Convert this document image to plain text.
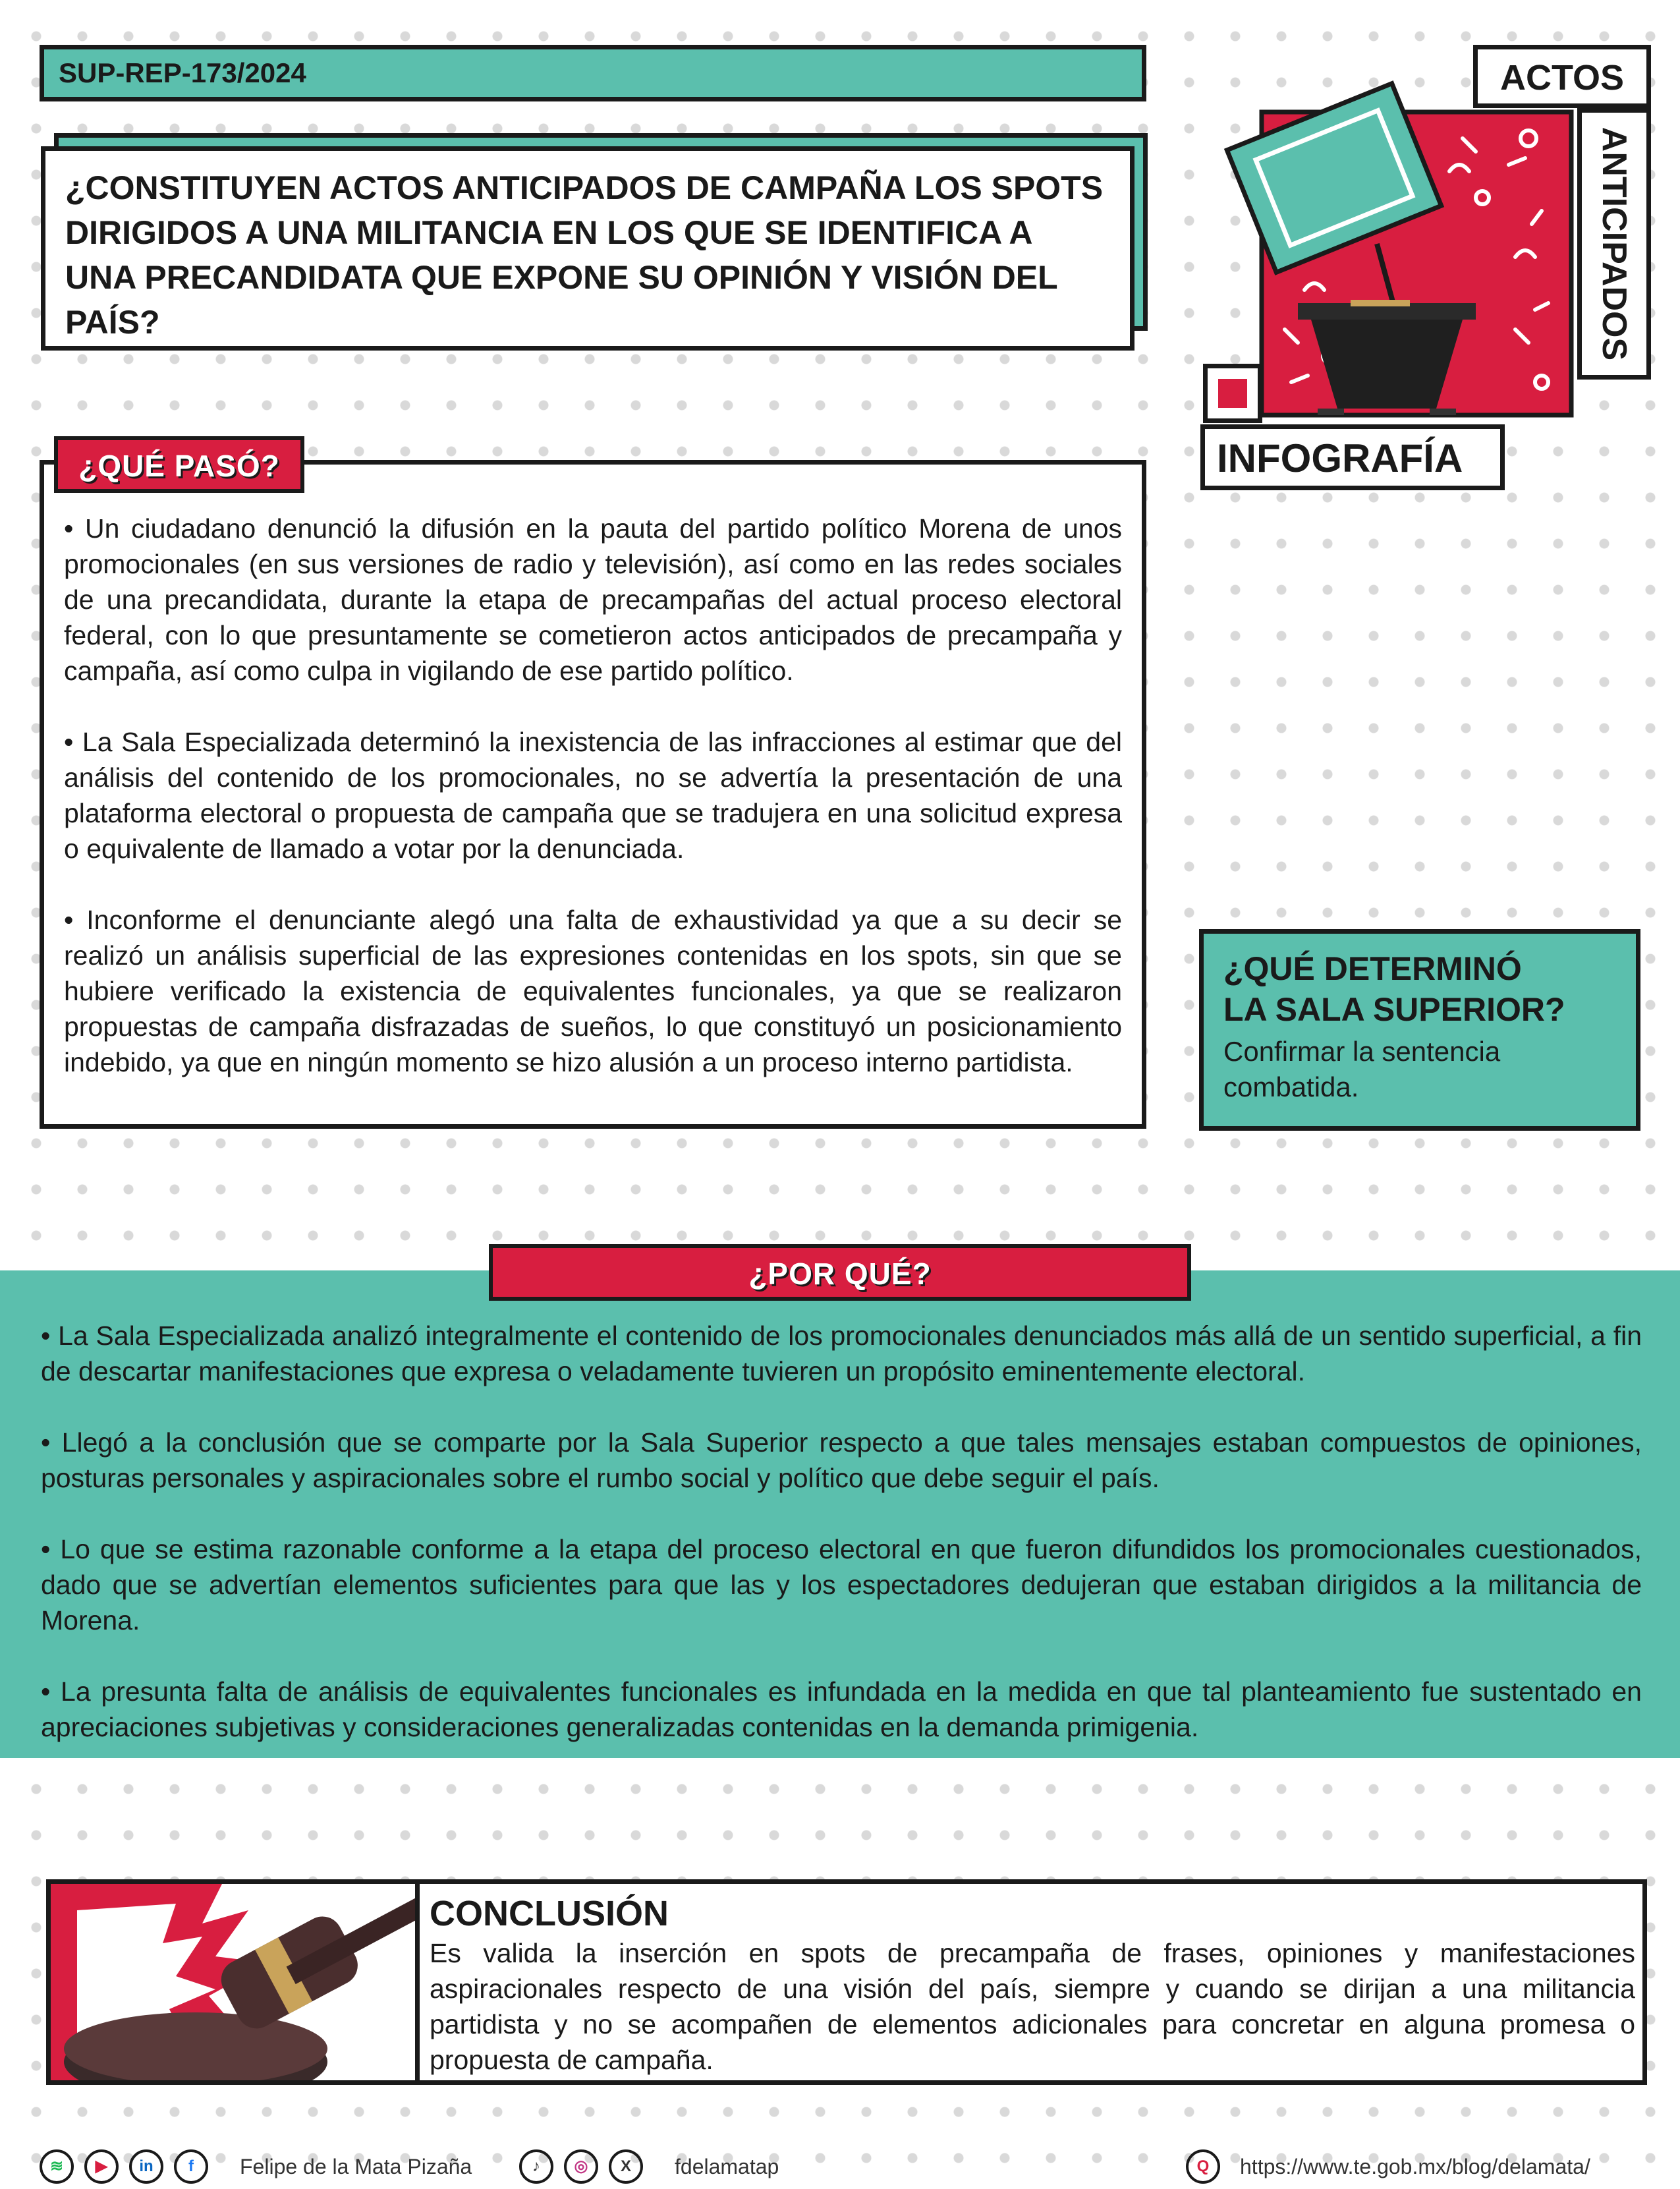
SUP-REP-173/2024
¿CONSTITUYEN ACTOS ANTICIPADOS DE CAMPAÑA LOS SPOTS DIRIGIDOS A UNA MILITANCIA EN LOS QUE SE IDENTIFICA A UNA PRECANDIDATA QUE EXPONE SU OPINIÓN Y VISIÓN DEL PAÍS?
ACTOS
ANTICIPADOS
INFOGRAFÍA

• Un ciudadano denunció la difusión en la pauta del partido político Morena de unos promocionales (en sus versiones de radio y televisión), así como en las redes sociales de una precandidata, durante la etapa de precampañas del actual proceso electoral federal, con lo que presuntamente se cometieron actos anticipados de precampaña y campaña, así como culpa in vigilando de ese partido político.

• La Sala Especializada determinó la inexistencia de las infracciones al estimar que del análisis del contenido de los promocionales, no se advertía la presentación de una plataforma electoral o propuesta de campaña que se tradujera en una solicitud expresa o equivalente de llamado a votar por la denunciada.

• Inconforme el denunciante alegó una falta de exhaustividad ya que a su decir se realizó un análisis superficial de las expresiones contenidas en los spots, sin que se hubiere verificado la existencia de equivalentes funcionales, ya que se realizaron propuestas de campaña disfrazadas de sueños, lo que constituyó un posicionamiento indebido, ya que en ningún momento se hizo alusión a un proceso interno partidista.

¿QUÉ PASÓ?
¿QUÉ DETERMINÓ
LA SALA SUPERIOR?
Confirmar la sentencia combatida.
¿POR QUÉ?

• La Sala Especializada analizó integralmente el contenido de los promocionales denunciados más allá de un sentido superficial, a fin de descartar manifestaciones que expresa o veladamente tuvieren un propósito eminentemente electoral.

• Llegó a la conclusión que se comparte por la Sala Superior respecto a que tales mensajes estaban compuestos de opiniones, posturas personales y aspiracionales sobre el rumbo social y político que debe seguir el país.

• Lo que se estima razonable conforme a la etapa del proceso electoral en que fueron difundidos los promocionales cuestionados, dado que se advertían elementos suficientes para que las y los espectadores dedujeran que estaban dirigidos a la militancia de Morena.

• La presunta falta de análisis de equivalentes funcionales es infundada en la medida en que tal planteamiento fue sustentado en apreciaciones subjetivas y consideraciones generalizadas contenidas en la demanda primigenia.

CONCLUSIÓN
Es valida la inserción en spots de precampaña de frases, opiniones y manifestaciones aspiracionales respecto de una visión del país, siempre y cuando se dirijan a una militancia partidista y no se acompañen de elementos adicionales para concretar en alguna promesa o propuesta de campaña.
≋	▶	in	f	Felipe de la Mata Pizaña	♪	◎	X	fdelamatap	Q	https://www.te.gob.mx/blog/delamata/
